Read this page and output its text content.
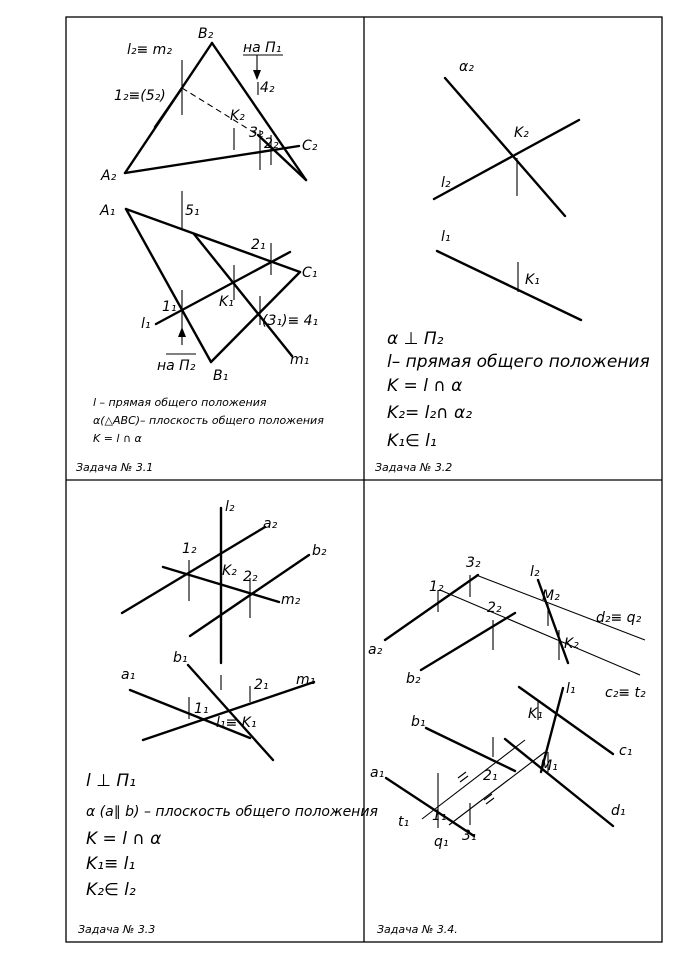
l₂≡ m₂
B₂
на П₁
4₂
1₂≡(5₂)
K₂
3₂
2₂ C₂
A₂
A₁	5₁
2₁
C₁
1₁	K₁
(3₁)≡ 4₁
l₁
на П₂
B₁
m₁
l – прямая общего положения
α(△ABC)– плоскость общего положения
K = l ∩ α
Задача № 3.1
α₂
K₂
l₂
l₁
K₁
α ⊥ П₂
l– прямая общего положения
K = l ∩ α
K₂= l₂∩ α₂
K₁∈ l₁
Задача № 3.2
l₂
a₂
1₂
K₂ 2₂
b₂
m₂
b₁
a₁
2₁ m₁
1₁
l₁≡ K₁
l ⊥ П₁
α (a∥ b) – плоскость общего положения
K = l ∩ α
K₁≡ l₁
K₂∈ l₂
Задача № 3.3
3₂
l₂
M₂
1₂
2₂
d₂≡ q₂
K₂
a₂
b₂
c₂≡ t₂
l₁
b₁	K₁
c₁
a₁	2₁
M₁
d₁
t₁ 1₁
q₁ 3₁
Задача № 3.4.
